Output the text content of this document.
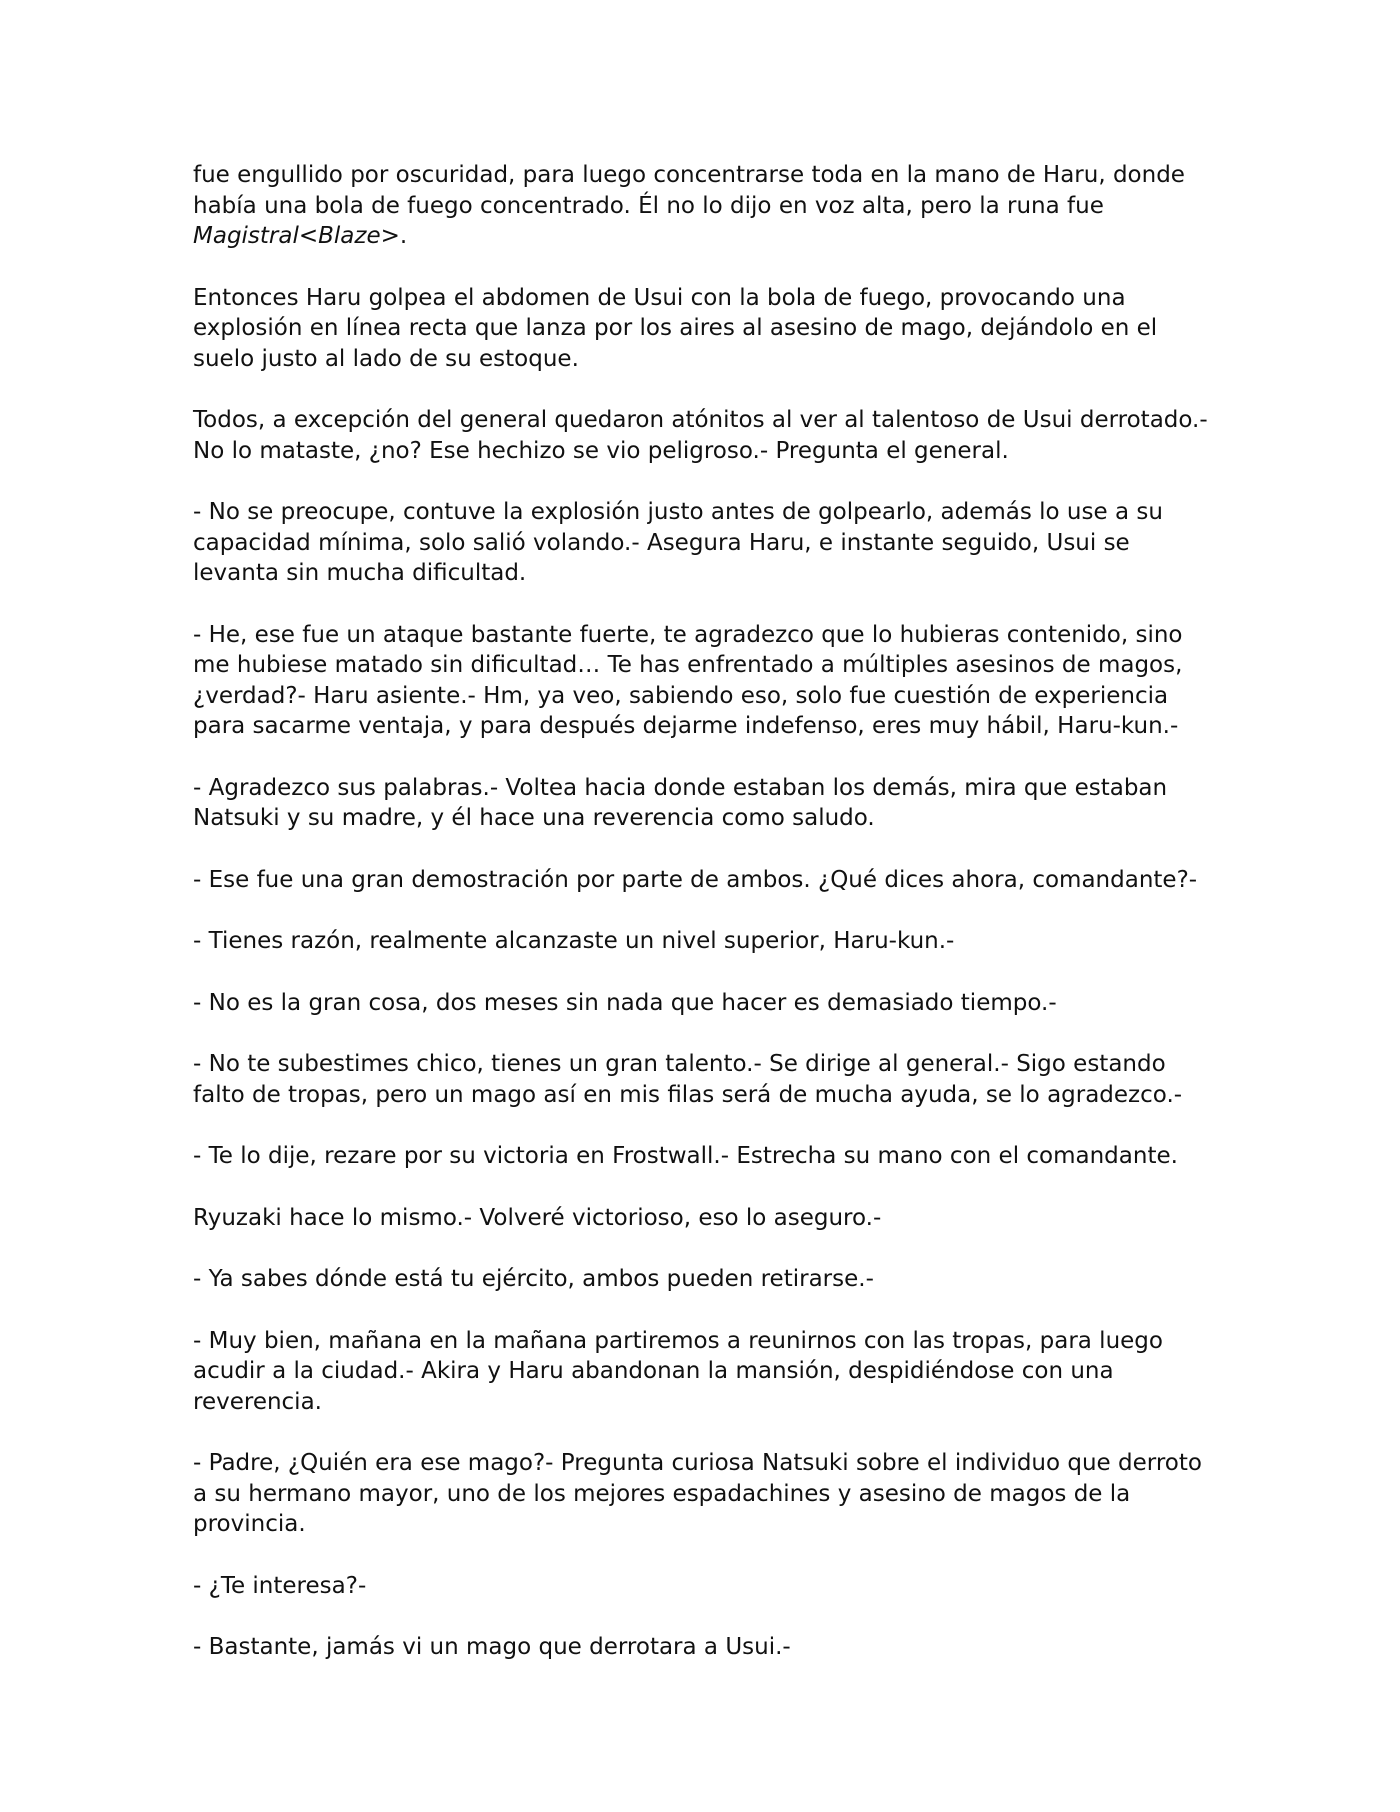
fue engullido por oscuridad, para luego concentrarse toda en la mano de Haru, donde había una bola de fuego concentrado. Él no lo dijo en voz alta, pero la runa fue Magistral<Blaze>.

Entonces Haru golpea el abdomen de Usui con la bola de fuego, provocando una explosión en línea recta que lanza por los aires al asesino de mago, dejándolo en el suelo justo al lado de su estoque.

Todos, a excepción del general quedaron atónitos al ver al talentoso de Usui derrotado.- No lo mataste, ¿no? Ese hechizo se vio peligroso.- Pregunta el general.

- No se preocupe, contuve la explosión justo antes de golpearlo, además lo use a su capacidad mínima, solo salió volando.- Asegura Haru, e instante seguido, Usui se levanta sin mucha dificultad.

- He, ese fue un ataque bastante fuerte, te agradezco que lo hubieras contenido, sino me hubiese matado sin dificultad… Te has enfrentado a múltiples asesinos de magos, ¿verdad?- Haru asiente.- Hm, ya veo, sabiendo eso, solo fue cuestión de experiencia para sacarme ventaja, y para después dejarme indefenso, eres muy hábil, Haru-kun.-

- Agradezco sus palabras.- Voltea hacia donde estaban los demás, mira que estaban Natsuki y su madre, y él hace una reverencia como saludo.

- Ese fue una gran demostración por parte de ambos. ¿Qué dices ahora, comandante?-

- Tienes razón, realmente alcanzaste un nivel superior, Haru-kun.-

- No es la gran cosa, dos meses sin nada que hacer es demasiado tiempo.-

- No te subestimes chico, tienes un gran talento.- Se dirige al general.- Sigo estando falto de tropas, pero un mago así en mis filas será de mucha ayuda, se lo agradezco.-

- Te lo dije, rezare por su victoria en Frostwall.- Estrecha su mano con el comandante.

Ryuzaki hace lo mismo.- Volveré victorioso, eso lo aseguro.-

- Ya sabes dónde está tu ejército, ambos pueden retirarse.-

- Muy bien, mañana en la mañana partiremos a reunirnos con las tropas, para luego acudir a la ciudad.- Akira y Haru abandonan la mansión, despidiéndose con una reverencia.

- Padre, ¿Quién era ese mago?- Pregunta curiosa Natsuki sobre el individuo que derroto a su hermano mayor, uno de los mejores espadachines y asesino de magos de la provincia.

- ¿Te interesa?-

- Bastante, jamás vi un mago que derrotara a Usui.-
